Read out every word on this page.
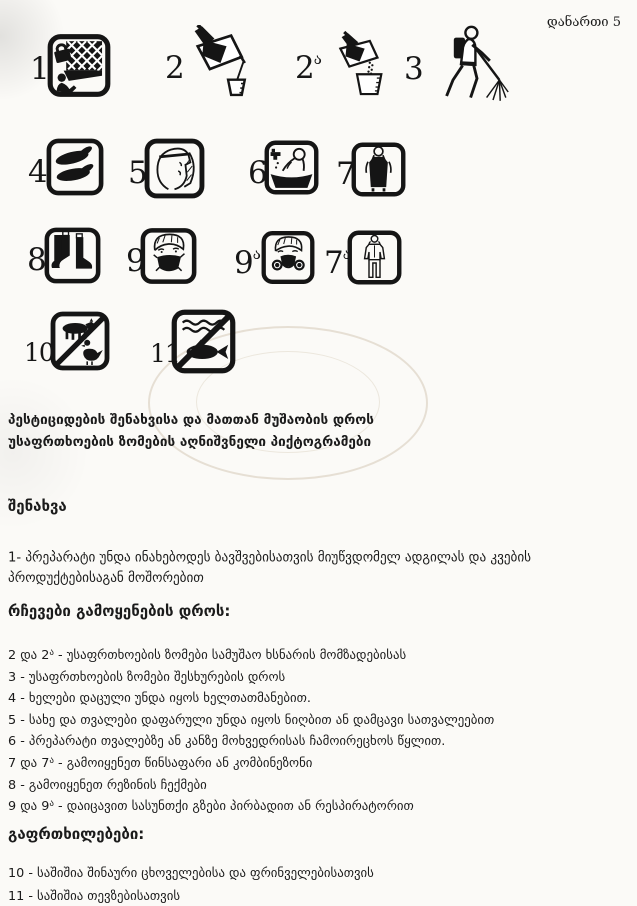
დანართი 5
1	2	$2^ა$	3
4	5	6 7
8	9	$9^ა$ $7^ა$
10	11
პესტიციდების შენახვისა და მათთან მუშაობის დროს
უსაფრთხოების ზომების აღნიშვნელი პიქტოგრამები
შენახვა
1- პრეპარატი უნდა ინახებოდეს ბავშვებისათვის მიუწვდომელ ადგილას და კვების პროდუქტებისაგან მოშორებით
რჩევები გამოყენების დროს:
2 და $2^ა$ - უსაფრთხოების ზომები სამუშაო ხსნარის მომზადებისას
3 - უსაფრთხოების ზომები შესხურების დროს
4 - ხელები დაცული უნდა იყოს ხელთათმანებით.
5 - სახე და თვალები დაფარული უნდა იყოს ნიღბით ან დამცავი სათვალეებით
6 - პრეპარატი თვალებზე ან კანზე მოხვედრისას ჩამოირეცხოს წყლით.
7 და $7^ა$ - გამოიყენეთ წინსაფარი ან კომბინეზონი
8 - გამოიყენეთ რეზინის ჩექმები
9 და $9^ა$ - დაიცავით სასუნთქი გზები პირბადით ან რესპირატორით
გაფრთხილებები:
10 - საშიშია შინაური ცხოველებისა და ფრინველებისათვის
11 - საშიშია თევზებისათვის
